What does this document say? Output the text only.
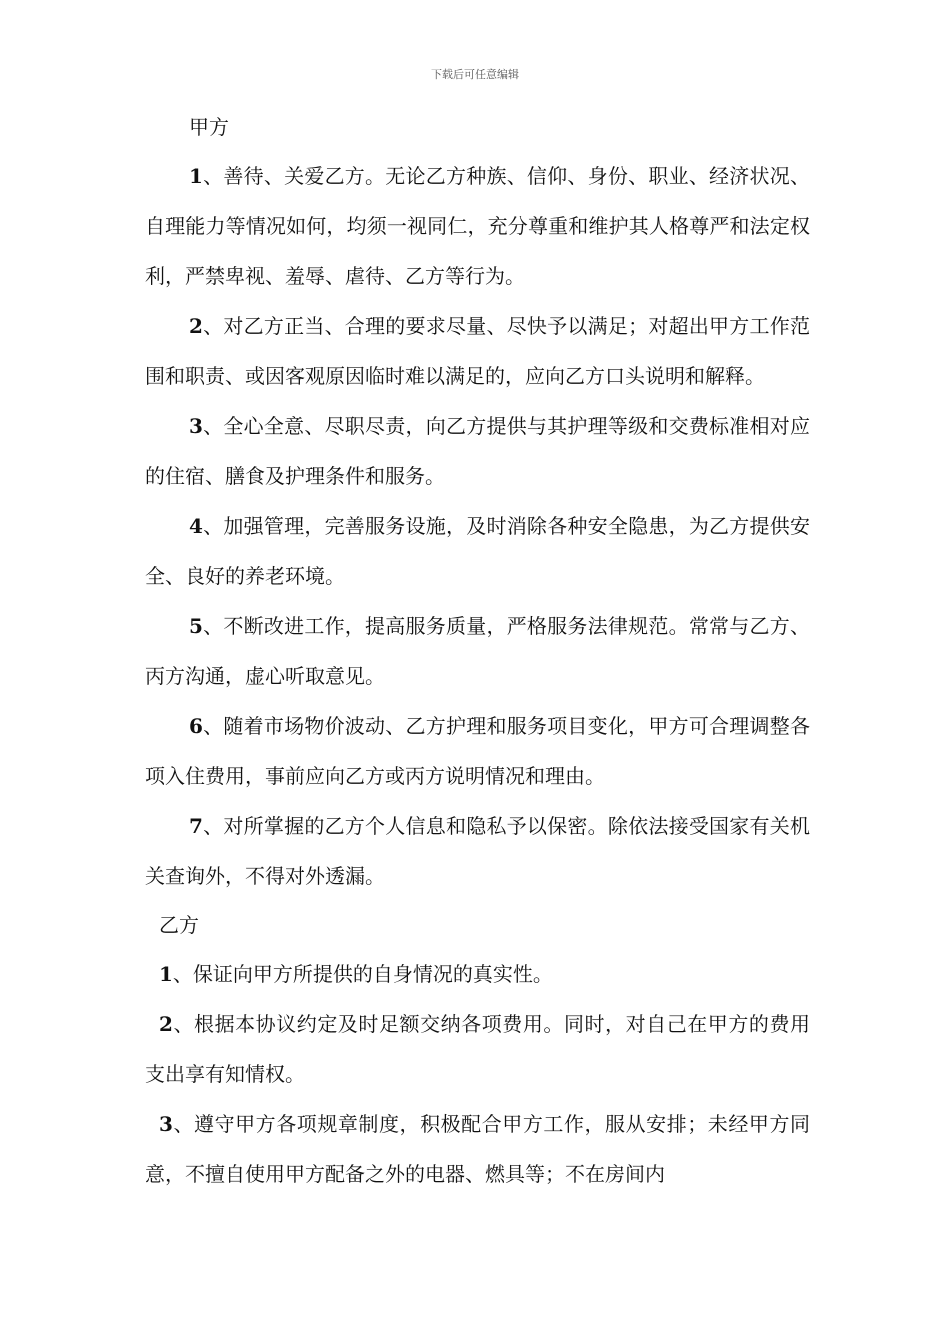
下载后可任意编辑
甲方

1、善待、关爱乙方。无论乙方种族、信仰、身份、职业、经济状况、自理能力等情况如何，均须一视同仁，充分尊重和维护其人格尊严和法定权利，严禁卑视、羞辱、虐待、乙方等行为。

2、对乙方正当、合理的要求尽量、尽快予以满足；对超出甲方工作范围和职责、或因客观原因临时难以满足的，应向乙方口头说明和解释。

3、全心全意、尽职尽责，向乙方提供与其护理等级和交费标准相对应的住宿、膳食及护理条件和服务。

4、加强管理，完善服务设施，及时消除各种安全隐患，为乙方提供安全、良好的养老环境。

5、不断改进工作，提高服务质量，严格服务法律规范。常常与乙方、丙方沟通，虚心听取意见。

6、随着市场物价波动、乙方护理和服务项目变化，甲方可合理调整各项入住费用，事前应向乙方或丙方说明情况和理由。

7、对所掌握的乙方个人信息和隐私予以保密。除依法接受国家有关机关查询外，不得对外透漏。

乙方

1、保证向甲方所提供的自身情况的真实性。

2、根据本协议约定及时足额交纳各项费用。同时，对自己在甲方的费用支出享有知情权。

3、遵守甲方各项规章制度，积极配合甲方工作，服从安排；未经甲方同意，不擅自使用甲方配备之外的电器、燃具等；不在房间内
